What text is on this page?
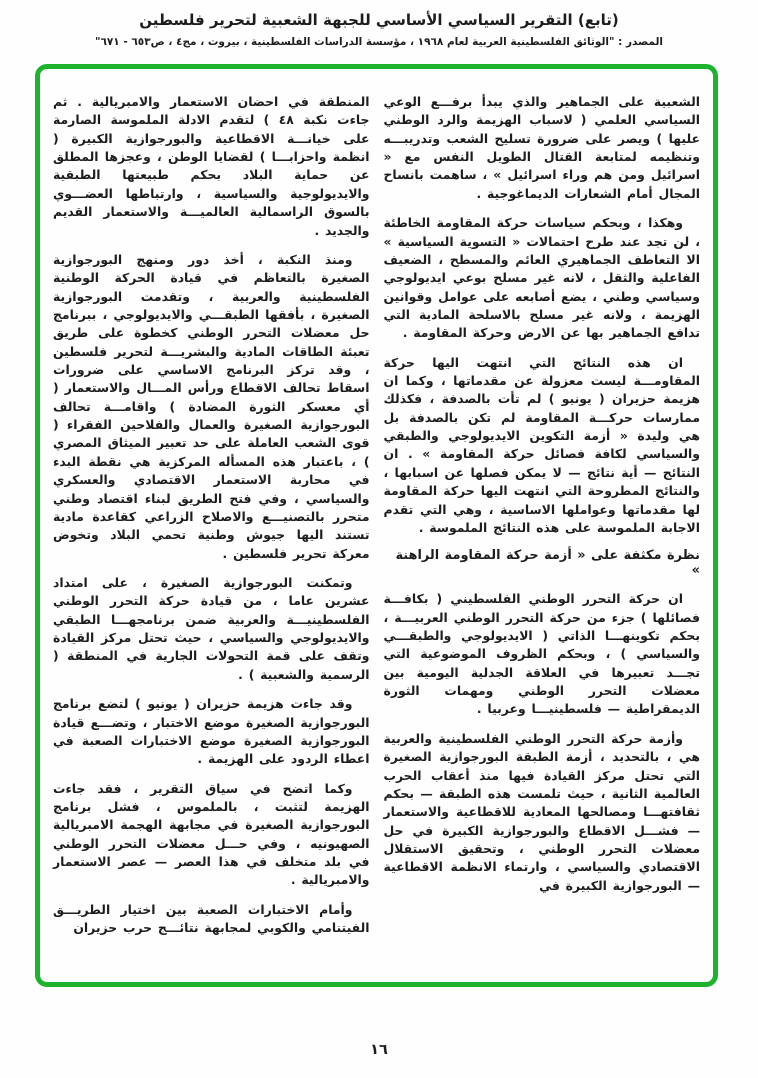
(تابع) التقرير السياسي الأساسي للجبهة الشعبية لتحرير فلسطين
المصدر : "الوثائق الفلسطينية العربية لعام ١٩٦٨ ، مؤسسة الدراسات الفلسطينية ، بيروت ، مج٤ ، ص٦٥٣ - ٦٧١"

الشعبية على الجماهير والذي يبدأ برفـــع الوعي السياسي العلمي ( لاسباب الهزيمة والرد الوطني عليها ) ويصر على ضرورة تسليح الشعب وتدريبـــه وتنظيمه لمتابعة القتال الطويل النفس مع « اسرائيل ومن هم وراء اسرائيل » ، ساهمت بانساح المجال أمام الشعارات الديماغوجية .

وهكذا ، وبحكم سياسات حركة المقاومة الخاطئة ، لن تجد عند طرح احتمالات « التسوية السياسية » الا التعاطف الجماهيري العائم والمسطح ، الضعيف الفاعلية والثقل ، لانه غير مسلح بوعي ايديولوجي وسياسي وطني ، يضع أصابعه على عوامل وقوانين الهزيمة ، ولانه غير مسلح بالاسلحة المادية التي تدافع الجماهير بها عن الارض وحركة المقاومة .

ان هذه النتائج التي انتهت اليها حركة المقاومـــة ليست معزولة عن مقدماتها ، وكما ان هزيمة حزيران ( يونيو ) لم تأت بالصدفة ، فكذلك ممارسات حركـــة المقاومة لم تكن بالصدفة بل هي وليدة « أزمة التكوين الايديولوجي والطبقي والسياسي لكافة فصائل حركة المقاومة » . ان النتائج — أية نتائج — لا يمكن فصلها عن اسبابها ، والنتائج المطروحة التي انتهت اليها حركة المقاومة لها مقدماتها وعواملها الاساسية ، وهي التي تقدم الاجابة الملموسة على هذه النتائج الملموسة .

نظرة مكثفة على « أزمة حركة المقاومة الراهنة »

ان حركة التحرر الوطني الفلسطيني ( بكافـــة فصائلها ) جزء من حركة التحرر الوطني العربيـــة ، بحكم تكوينهـــا الذاتي ( الايديولوجي والطبقـــي والسياسي ) ، وبحكم الظروف الموضوعية التي تجـــد تعبيرها في العلاقة الجدلية اليومية بين معضلات التحرر الوطني ومهمات الثورة الديمقراطية — فلسطينيـــا وعربيا .

وأزمة حركة التحرر الوطني الفلسطينية والعربية هي ، بالتحديد ، أزمة الطبقة البورجوازية الصغيرة التي تحتل مركز القيادة فيها منذ أعقاب الحرب العالمية الثانية ، حيث تلمست هذه الطبقة — بحكم ثقافتهـــا ومصالحها المعادية للاقطاعية والاستعمار — فشـــل الاقطاع والبورجوازية الكبيرة في حل معضلات التحرر الوطني ، وتحقيق الاستقلال الاقتصادي والسياسي ، وارتماء الانظمة الاقطاعية — البورجوازية الكبيرة في

المنطقة في احضان الاستعمار والامبريالية . ثم جاءت نكبة ٤٨ ) لتقدم الادلة الملموسة الصارمة على خيانـــة الاقطاعية والبورجوازية الكبيرة ( انظمة واحزابـــا ) لقضايا الوطن ، وعجزها المطلق عن حماية البلاد بحكم طبيعتها الطبقية والايديولوجية والسياسية ، وارتباطها العضـــوي بالسوق الراسمالية العالميـــة والاستعمار القديم والجديد .

ومنذ النكبة ، أخذ دور ومنهج البورجوازية الصغيرة بالتعاظم في قيادة الحركة الوطنية الفلسطينية والعربية ، وتقدمت البورجوازية الصغيرة ، بأفقها الطبقـــي والايديولوجي ، ببرنامج حل معضلات التحرر الوطني كخطوة على طريق تعبئة الطاقات المادية والبشريـــة لتحرير فلسطين ، وقد تركز البرنامج الاساسي على ضرورات اسقاط تحالف الاقطاع ورأس المـــال والاستعمار ( أي معسكر الثورة المضادة ) واقامـــة تحالف البورجوازية الصغيرة والعمال والفلاحين الفقراء ( قوى الشعب العاملة على حد تعبير الميثاق المصري ) ، باعتبار هذه المسأله المركزية هي نقطة البدء في محاربة الاستعمار الاقتصادي والعسكري والسياسي ، وفي فتح الطريق لبناء اقتصاد وطني متحرر بالتصنيـــع والاصلاح الزراعي كقاعدة مادية تستند اليها جيوش وطنية تحمي البلاد وتخوض معركة تحرير فلسطين .

وتمكنت البورجوازية الصغيرة ، على امتداد عشرين عاما ، من قيادة حركة التحرر الوطني الفلسطينيـــة والعربية ضمن برنامجهـــا الطبقي والايديولوجي والسياسي ، حيث تحتل مركز القيادة وتقف على قمة التحولات الجارية في المنطقة ( الرسمية والشعبية ) .

وقد جاءت هزيمة حزيران ( يونيو ) لتضع برنامج البورجوازية الصغيرة موضع الاختبار ، وتضـــع قيادة البورجوازية الصغيرة موضع الاختبارات الصعبة في اعطاء الردود على الهزيمة .

وكما اتضح في سياق التقرير ، فقد جاءت الهزيمة لتثبت ، بالملموس ، فشل برنامج البورجوازية الصغيرة في مجابهة الهجمة الامبريالية الصهيونيه ، وفي حـــل معضلات التحرر الوطني في بلد متخلف في هذا العصر — عصر الاستعمار والامبريالية .

وأمام الاختبارات الصعبة بين اختيار الطريـــق الفيتنامي والكوبي لمجابهة نتائـــج حرب حزيران

١٦
